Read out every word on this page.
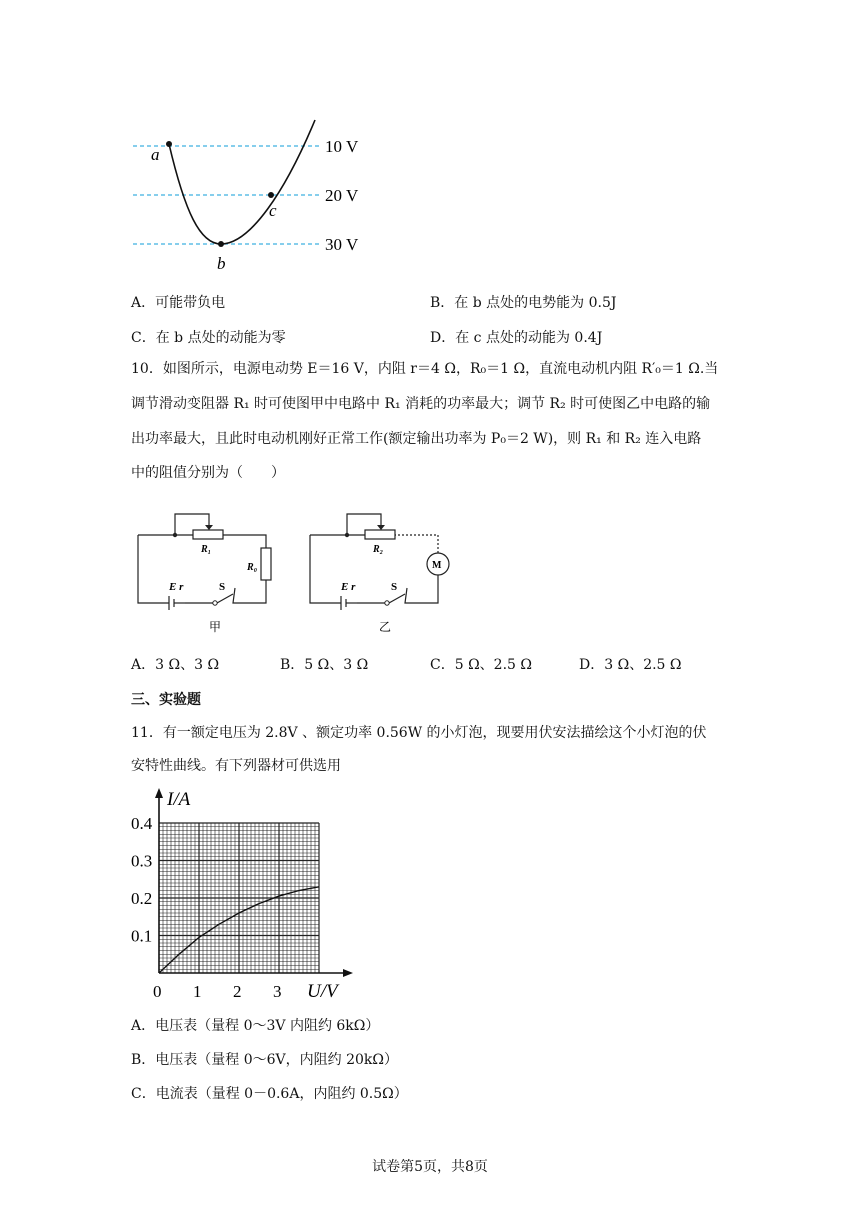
10 V
20 V
30 V
a
b
c
A．可能带负电	B．在 b 点处的电势能为 0.5J
C．在 b 点处的动能为零	D．在 c 点处的动能为 0.4J
10．如图所示，电源电动势 E＝16 V，内阻 r＝4 Ω，R₀＝1 Ω，直流电动机内阻 R′₀＝1 Ω.当
调节滑动变阻器 R₁ 时可使图甲中电路中 R₁ 消耗的功率最大；调节 R₂ 时可使图乙中电路的输
出功率最大，且此时电动机刚好正常工作(额定输出功率为 P₀＝2 W)，则 R₁ 和 R₂ 连入电路
中的阻值分别为（　　）
R₁
R₀
E r	S
甲
R₂
M
E r	S
乙
A．3 Ω、3 Ω	B．5 Ω、3 Ω	C．5 Ω、2.5 Ω	D．3 Ω、2.5 Ω
三、实验题
11．有一额定电压为 2.8V 、额定功率 0.56W 的小灯泡，现要用伏安法描绘这个小灯泡的伏
安特性曲线。有下列器材可供选用
I/A
U/V
0.4
0.3
0.2
0.1
0 1 2 3
A．电压表（量程 0～3V 内阻约 6kΩ）
B．电压表（量程 0～6V，内阻约 20kΩ）
C．电流表（量程 0－0.6A，内阻约 0.5Ω）
试卷第5页，共8页
